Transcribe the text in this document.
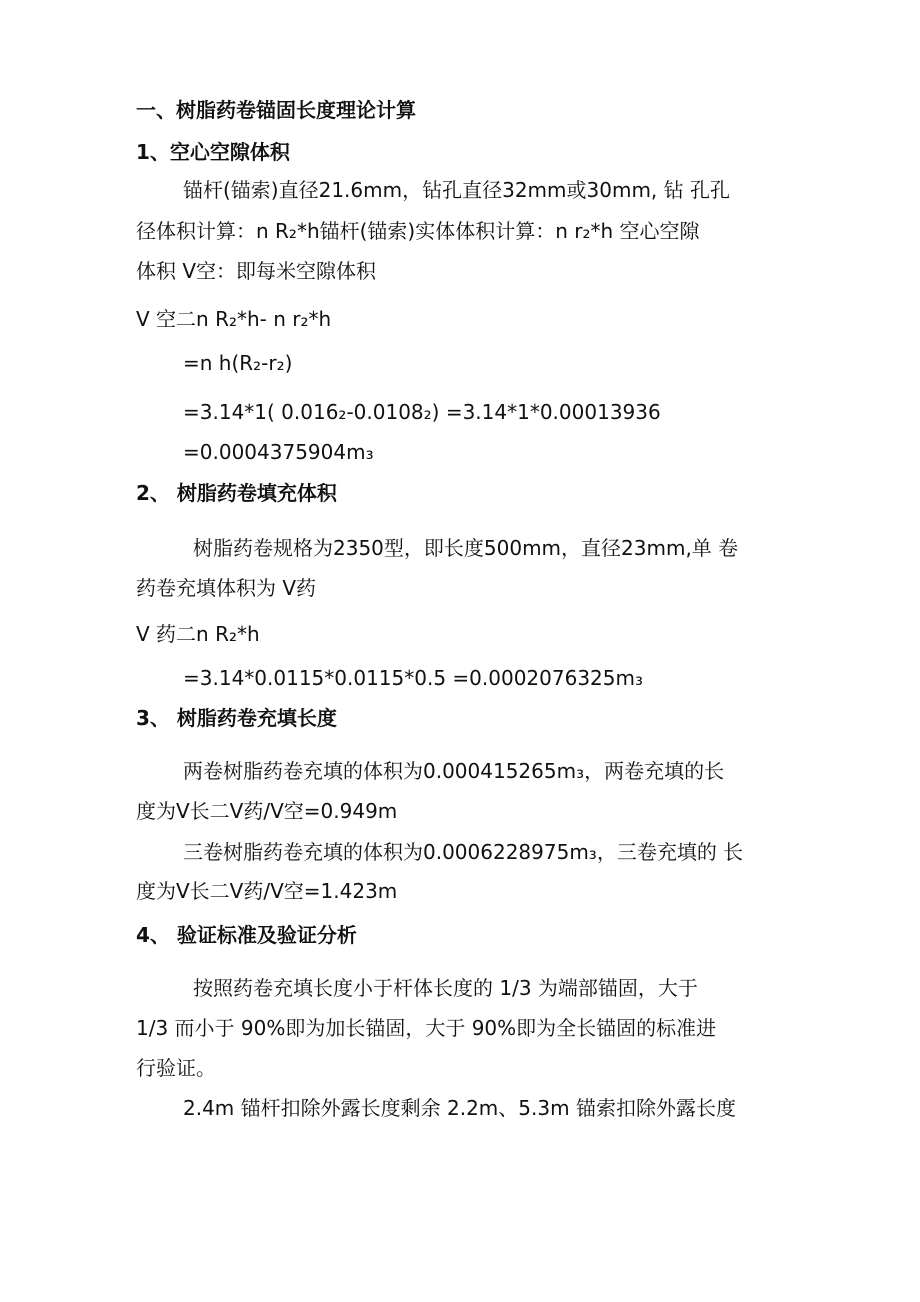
一、树脂药卷锚固长度理论计算
1、空心空隙体积
锚杆(锚索)直径21.6mm，钻孔直径32mm或30mm, 钻 孔孔
径体积计算：n R₂*h锚杆(锚索)实体体积计算：n r₂*h 空心空隙
体积 V空：即每米空隙体积
V 空二n R₂*h- n r₂*h
=n h(R₂-r₂)
=3.14*1( 0.016₂-0.0108₂) =3.14*1*0.00013936
=0.0004375904m₃
2、 树脂药卷填充体积
树脂药卷规格为2350型，即长度500mm，直径23mm,单 卷
药卷充填体积为 V药
V 药二n R₂*h
=3.14*0.0115*0.0115*0.5 =0.0002076325m₃
3、 树脂药卷充填长度
两卷树脂药卷充填的体积为0.000415265m₃，两卷充填的长
度为V长二V药/V空=0.949m
三卷树脂药卷充填的体积为0.0006228975m₃，三卷充填的 长
度为V长二V药/V空=1.423m
4、 验证标准及验证分析
按照药卷充填长度小于杆体长度的 1/3 为端部锚固，大于
1/3 而小于 90%即为加长锚固，大于 90%即为全长锚固的标准进
行验证。
2.4m 锚杆扣除外露长度剩余 2.2m、5.3m 锚索扣除外露长度
